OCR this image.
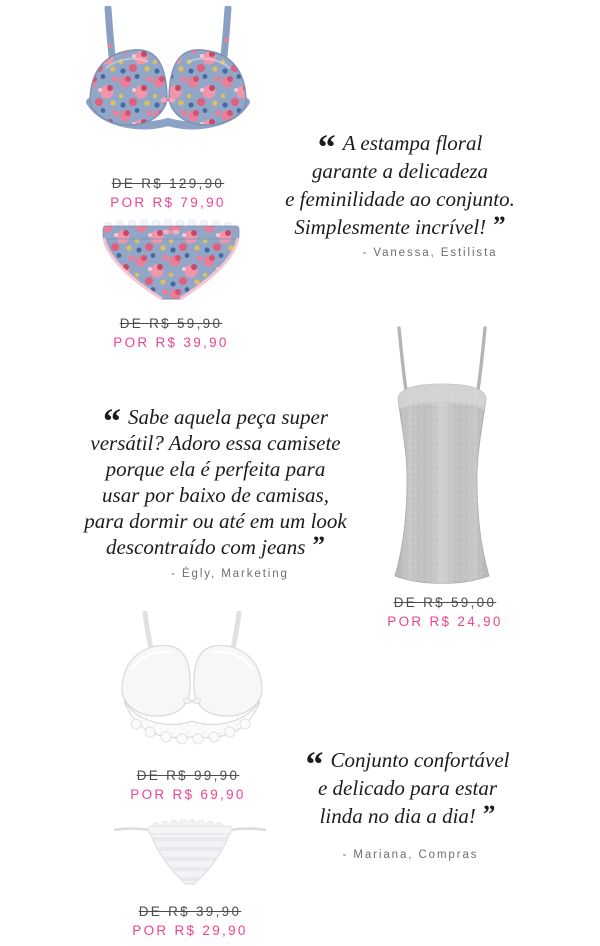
DE R$ 129,90
POR R$ 79,90
“ A estampa floral
garante a delicadeza
e feminilidade ao conjunto.
Simplesmente incrível! ”
- Vanessa, Estilista
DE R$ 59,90
POR R$ 39,90
“ Sabe aquela peça super
versátil? Adoro essa camisete
porque ela é perfeita para
usar por baixo de camisas,
para dormir ou até em um look
descontraído com jeans ”
- Égly, Marketing
DE R$ 59,00
POR R$ 24,90
DE R$ 99,90
POR R$ 69,90
“ Conjunto confortável
e delicado para estar
linda no dia a dia! ”
- Mariana, Compras
DE R$ 39,90
POR R$ 29,90
